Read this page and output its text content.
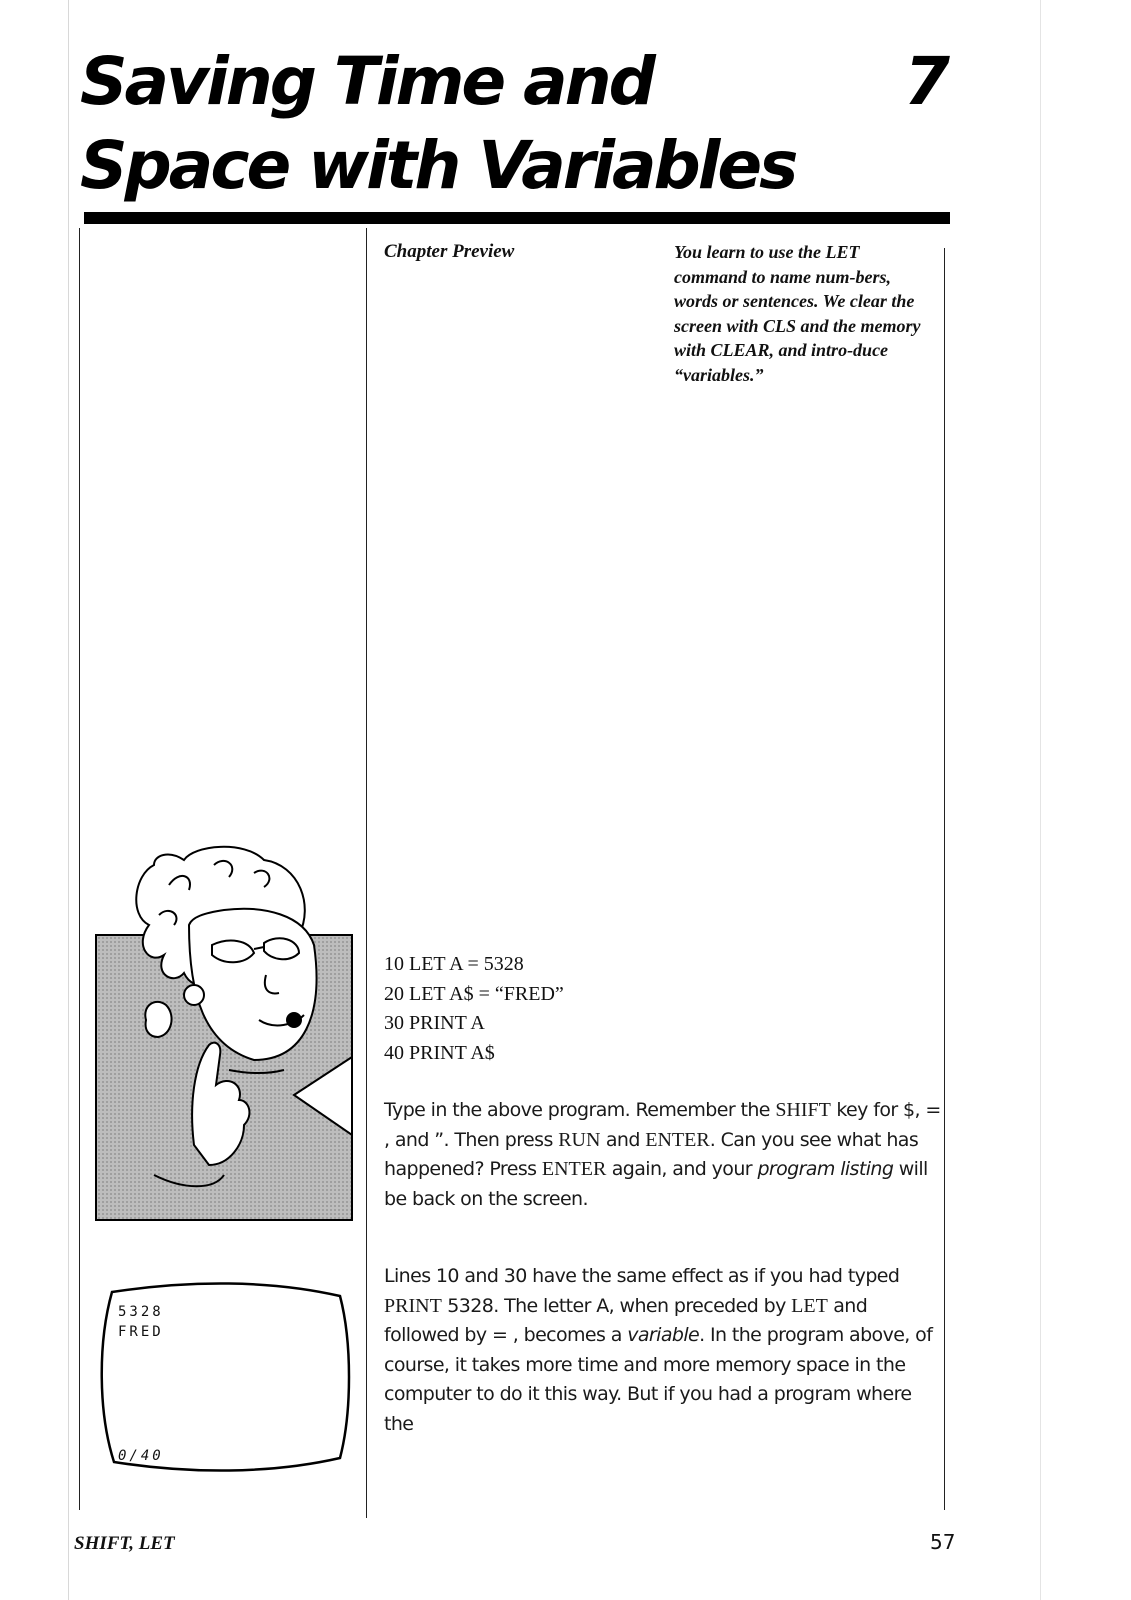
Saving Time and
Space with Variables
7

Chapter Preview	You learn to use the LET command to name num-bers, words or sentences. We clear the screen with CLS and the memory with CLEAR, and intro-duce “variables.”

5328
FRED
0/40
10 LET A = 5328
20 LET A$ = “FRED”
30 PRINT A
40 PRINT A$

Type in the above program. Remember the SHIFT key for $, = , and ”. Then press RUN and ENTER. Can you see what has happened? Press ENTER again, and your program listing will be back on the screen.

Lines 10 and 30 have the same effect as if you had typed PRINT 5328. The letter A, when preceded by LET and followed by = , becomes a variable. In the program above, of course, it takes more time and more memory space in the computer to do it this way. But if you had a program where the

SHIFT, LET	57
